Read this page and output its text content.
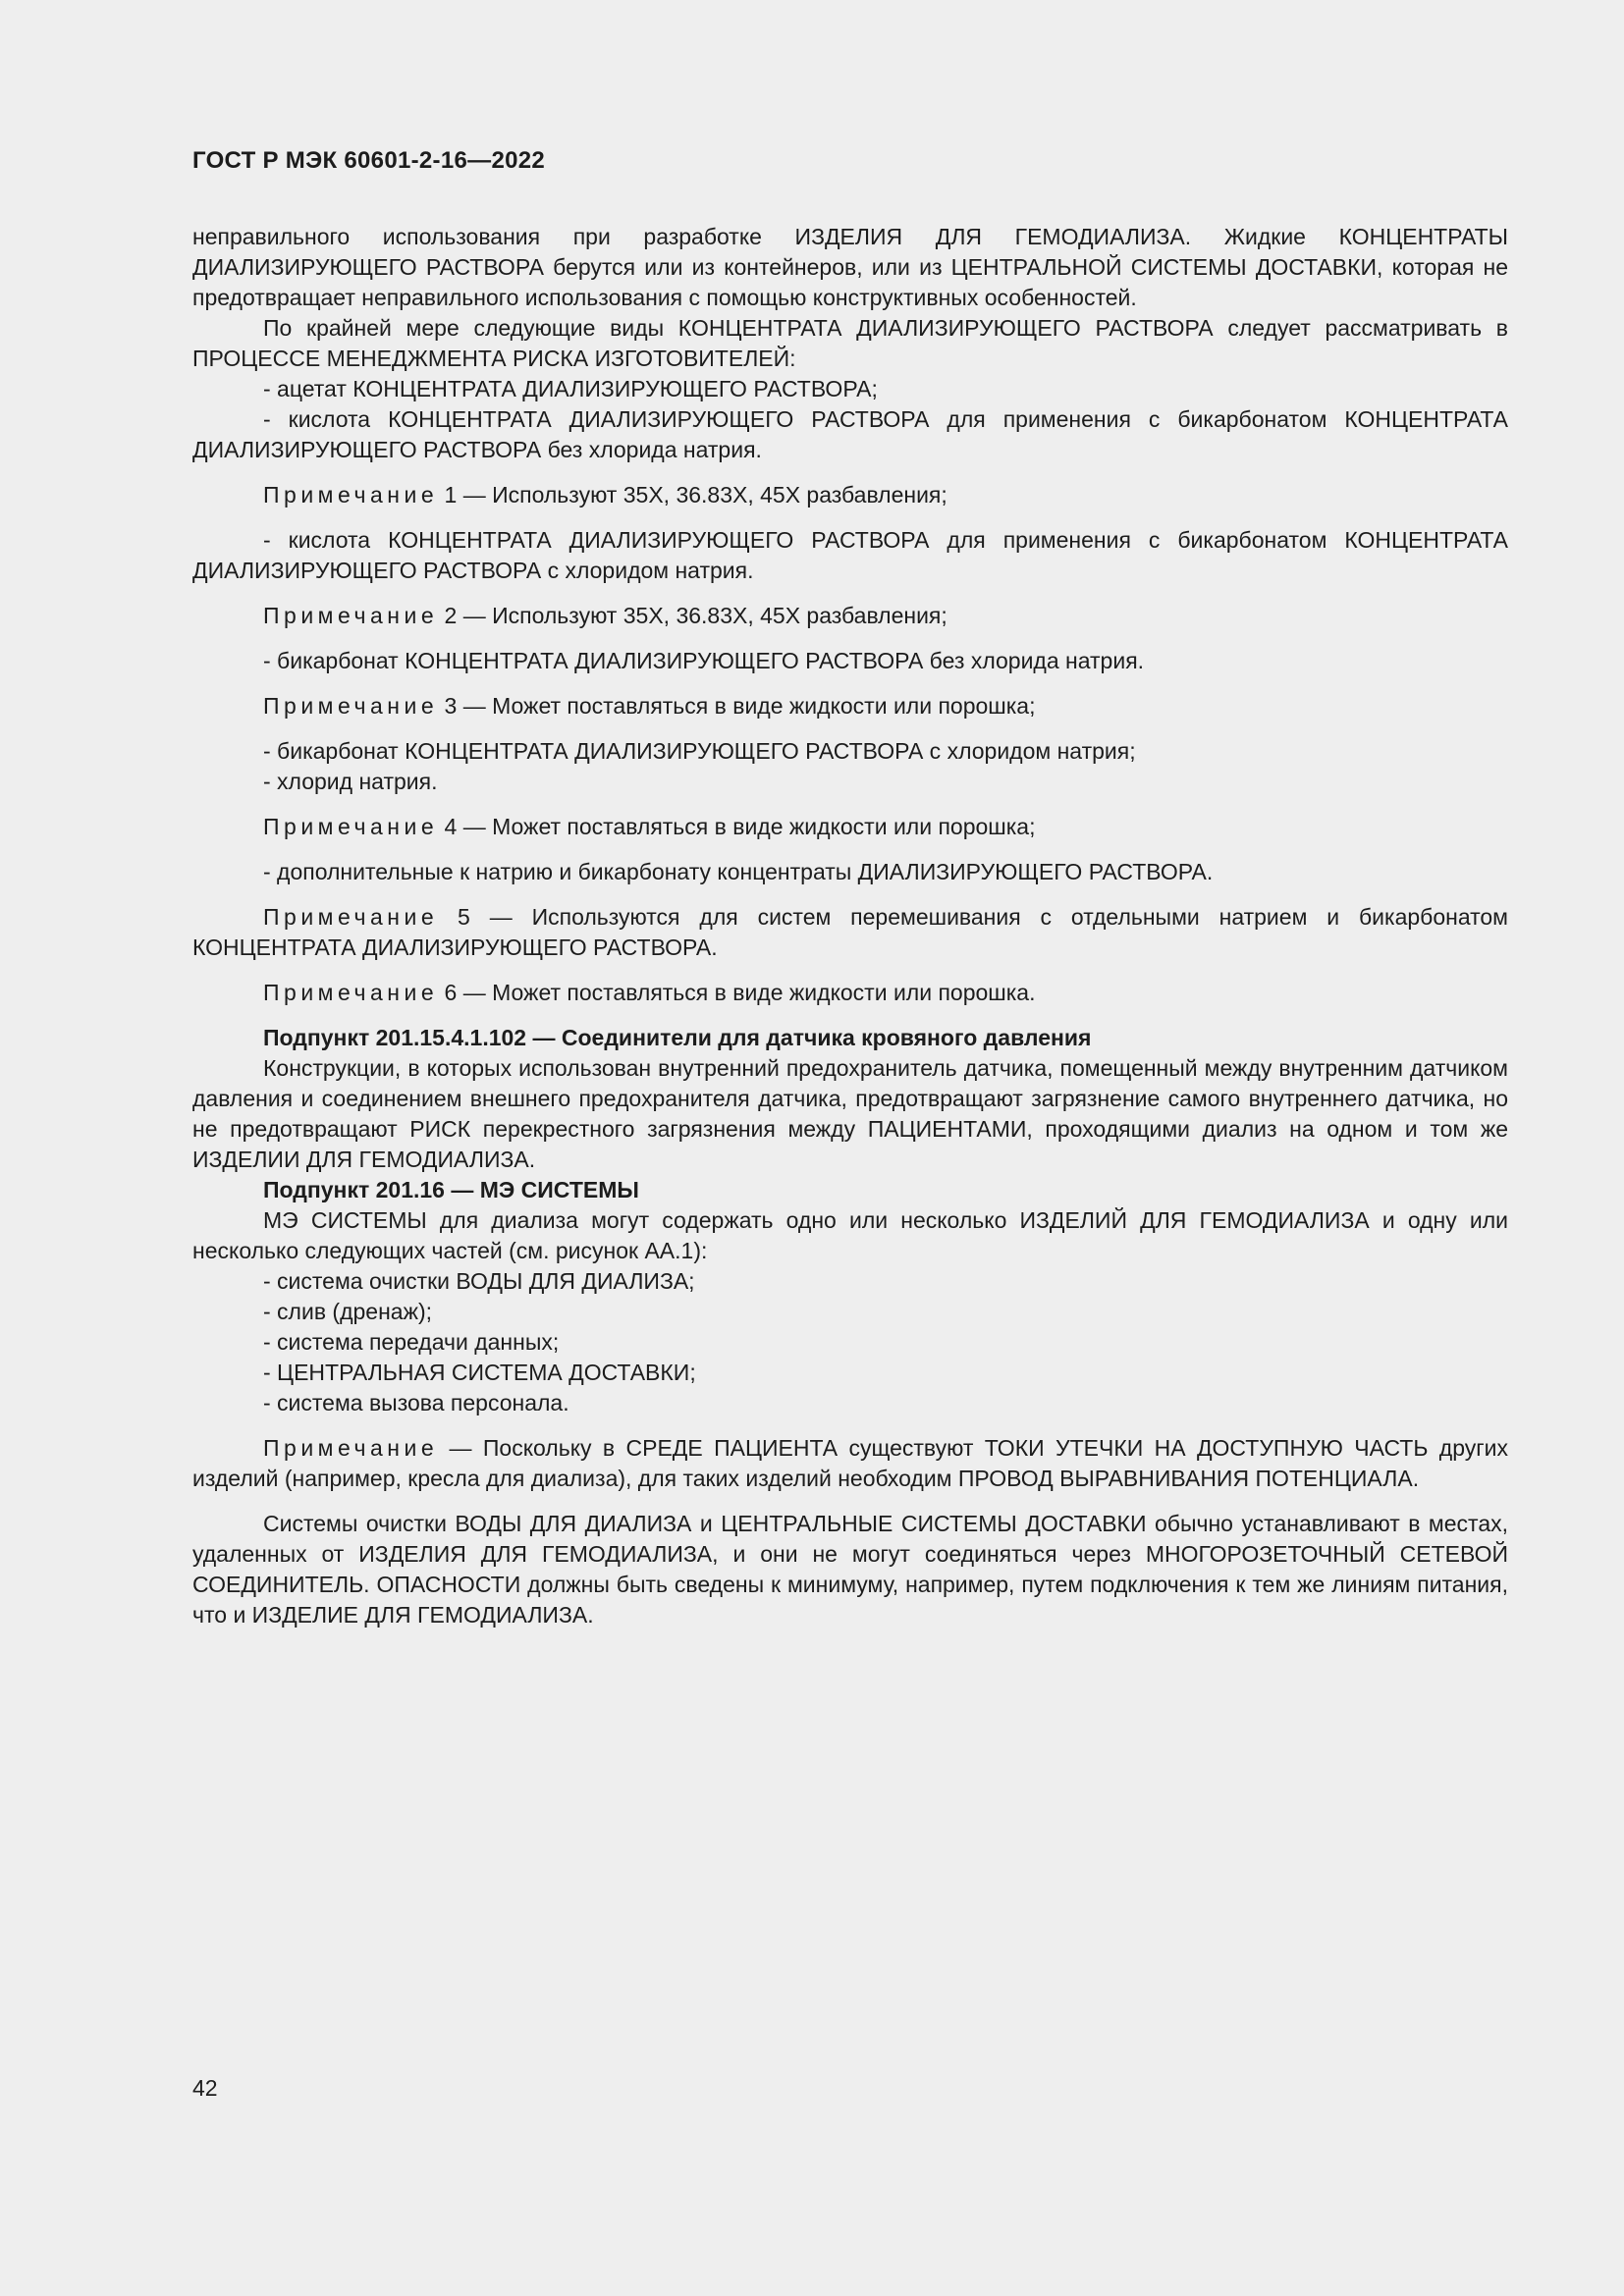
ГОСТ Р МЭК 60601-2-16—2022

неправильного использования при разработке ИЗДЕЛИЯ ДЛЯ ГЕМОДИАЛИЗА. Жидкие КОНЦЕНТРАТЫ ДИАЛИЗИРУЮЩЕГО РАСТВОРА берутся или из контейнеров, или из ЦЕНТРАЛЬНОЙ СИСТЕМЫ ДОСТАВКИ, которая не предотвращает неправильного использования с помощью конструктивных особенностей.

По крайней мере следующие виды КОНЦЕНТРАТА ДИАЛИЗИРУЮЩЕГО РАСТВОРА следует рассматривать в ПРОЦЕССЕ МЕНЕДЖМЕНТА РИСКА ИЗГОТОВИТЕЛЕЙ:

- ацетат КОНЦЕНТРАТА ДИАЛИЗИРУЮЩЕГО РАСТВОРА;

- кислота КОНЦЕНТРАТА ДИАЛИЗИРУЮЩЕГО РАСТВОРА для применения с бикарбонатом КОНЦЕНТРАТА ДИАЛИЗИРУЮЩЕГО РАСТВОРА без хлорида натрия.

Примечание 1 — Используют 35X, 36.83X, 45X разбавления;

- кислота КОНЦЕНТРАТА ДИАЛИЗИРУЮЩЕГО РАСТВОРА для применения с бикарбонатом КОНЦЕНТРАТА ДИАЛИЗИРУЮЩЕГО РАСТВОРА с хлоридом натрия.

Примечание 2 — Используют 35X, 36.83X, 45X разбавления;

- бикарбонат КОНЦЕНТРАТА ДИАЛИЗИРУЮЩЕГО РАСТВОРА без хлорида натрия.

Примечание 3 — Может поставляться в виде жидкости или порошка;

- бикарбонат КОНЦЕНТРАТА ДИАЛИЗИРУЮЩЕГО РАСТВОРА с хлоридом натрия;

- хлорид натрия.

Примечание 4 — Может поставляться в виде жидкости или порошка;

- дополнительные к натрию и бикарбонату концентраты ДИАЛИЗИРУЮЩЕГО РАСТВОРА.

Примечание 5 — Используются для систем перемешивания с отдельными натрием и бикарбонатом КОНЦЕНТРАТА ДИАЛИЗИРУЮЩЕГО РАСТВОРА.

Примечание 6 — Может поставляться в виде жидкости или порошка.

Подпункт 201.15.4.1.102 — Соединители для датчика кровяного давления

Конструкции, в которых использован внутренний предохранитель датчика, помещенный между внутренним датчиком давления и соединением внешнего предохранителя датчика, предотвращают загрязнение самого внутреннего датчика, но не предотвращают РИСК перекрестного загрязнения между ПАЦИЕНТАМИ, проходящими диализ на одном и том же ИЗДЕЛИИ ДЛЯ ГЕМОДИАЛИЗА.

Подпункт 201.16 — МЭ СИСТЕМЫ

МЭ СИСТЕМЫ для диализа могут содержать одно или несколько ИЗДЕЛИЙ ДЛЯ ГЕМОДИАЛИЗА и одну или несколько следующих частей (см. рисунок АА.1):

- система очистки ВОДЫ ДЛЯ ДИАЛИЗА;

- слив (дренаж);

- система передачи данных;

- ЦЕНТРАЛЬНАЯ СИСТЕМА ДОСТАВКИ;

- система вызова персонала.

Примечание — Поскольку в СРЕДЕ ПАЦИЕНТА существуют ТОКИ УТЕЧКИ НА ДОСТУПНУЮ ЧАСТЬ других изделий (например, кресла для диализа), для таких изделий необходим ПРОВОД ВЫРАВНИВАНИЯ ПОТЕНЦИАЛА.

Системы очистки ВОДЫ ДЛЯ ДИАЛИЗА и ЦЕНТРАЛЬНЫЕ СИСТЕМЫ ДОСТАВКИ обычно устанавливают в местах, удаленных от ИЗДЕЛИЯ ДЛЯ ГЕМОДИАЛИЗА, и они не могут соединяться через МНОГОРОЗЕТОЧНЫЙ СЕТЕВОЙ СОЕДИНИТЕЛЬ. ОПАСНОСТИ должны быть сведены к минимуму, например, путем подключения к тем же линиям питания, что и ИЗДЕЛИЕ ДЛЯ ГЕМОДИАЛИЗА.

42
